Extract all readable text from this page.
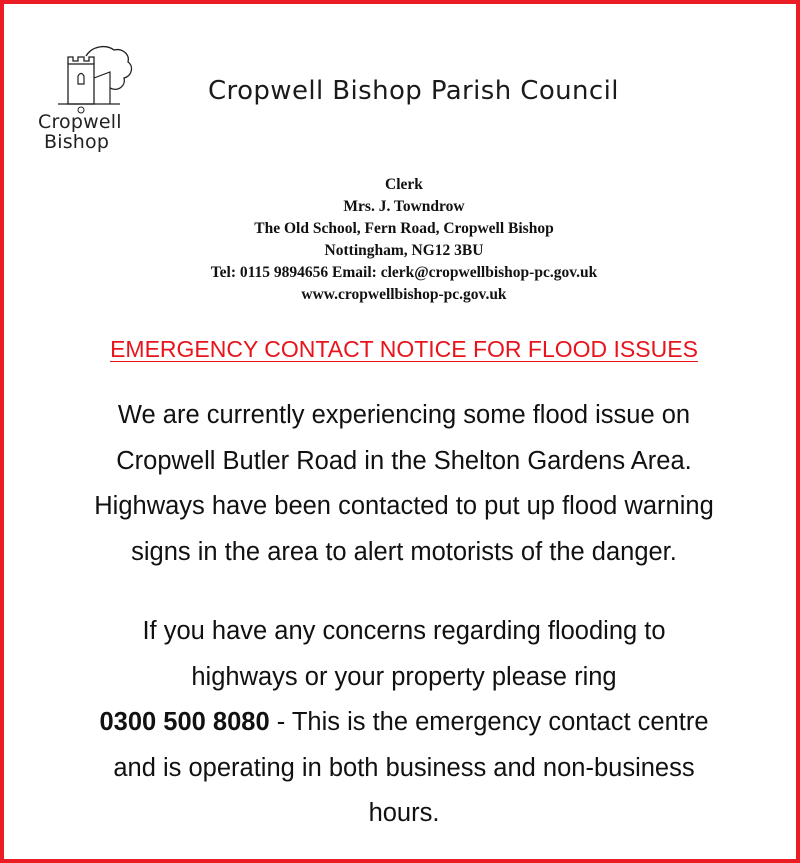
Cropwell
Bishop
Cropwell Bishop Parish Council
Clerk
Mrs. J. Towndrow
The Old School, Fern Road, Cropwell Bishop
Nottingham, NG12 3BU
Tel: 0115 9894656 Email: clerk@cropwellbishop-pc.gov.uk
www.cropwellbishop-pc.gov.uk
EMERGENCY CONTACT NOTICE FOR FLOOD ISSUES
We are currently experiencing some flood issue on
Cropwell Butler Road in the Shelton Gardens Area.
Highways have been contacted to put up flood warning
signs in the area to alert motorists of the danger.
If you have any concerns regarding flooding to
highways or your property please ring
0300 500 8080 - This is the emergency contact centre
and is operating in both business and non-business
hours.
